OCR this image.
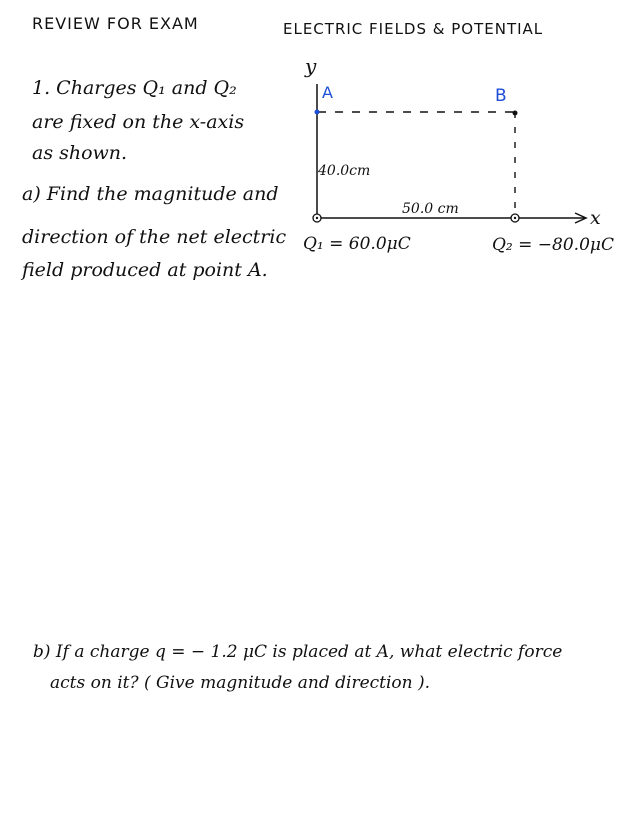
REVIEW FOR EXAM	ELECTRIC FIELDS & POTENTIAL
1. Charges Q₁ and Q₂
are fixed on the x-axis
as shown.
a) Find the magnitude and
direction of the net electric
field produced at point A.
y
x
A	B
40.0cm
50.0 cm
Q₁ = 60.0μC	Q₂ = −80.0μC
b) If a charge q = − 1.2 μC is placed at A, what electric force
acts on it? ( Give magnitude and direction ).
